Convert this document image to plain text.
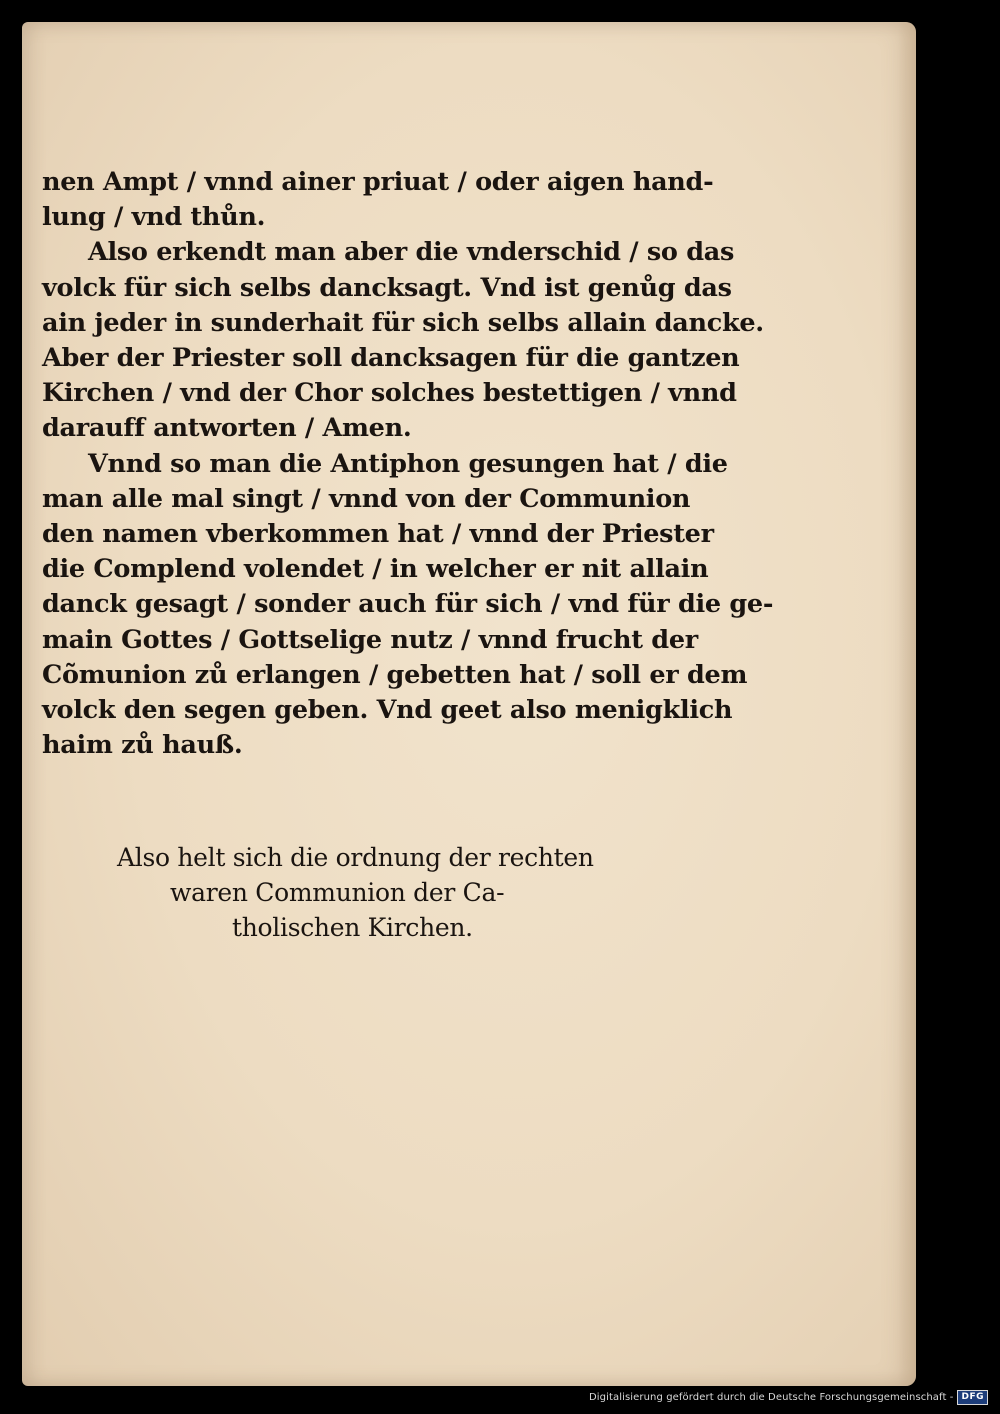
nen Ampt / vnnd ainer priuat / oder aigen hand-
lung / vnd thůn.
Also erkendt man aber die vnderschid / so das
volck für sich selbs dancksagt. Vnd ist genůg das
ain jeder in sunderhait für sich selbs allain dancke.
Aber der Priester soll dancksagen für die gantzen
Kirchen / vnd der Chor solches bestettigen / vnnd
darauff antworten / Amen.
Vnnd so man die Antiphon gesungen hat / die
man alle mal singt / vnnd von der Communion
den namen vberkommen hat / vnnd der Priester
die Complend volendet / in welcher er nit allain
danck gesagt / sonder auch für sich / vnd für die ge-
main Gottes / Gottselige nutz / vnnd frucht der
Cõmunion zů erlangen / gebetten hat / soll er dem
volck den segen geben. Vnd geet also menigklich
haim zů hauß.
Also helt sich die ordnung der rechten
waren Communion der Ca-
tholischen Kirchen.
Digitalisierung gefördert durch die Deutsche Forschungsgemeinschaft - DFG
